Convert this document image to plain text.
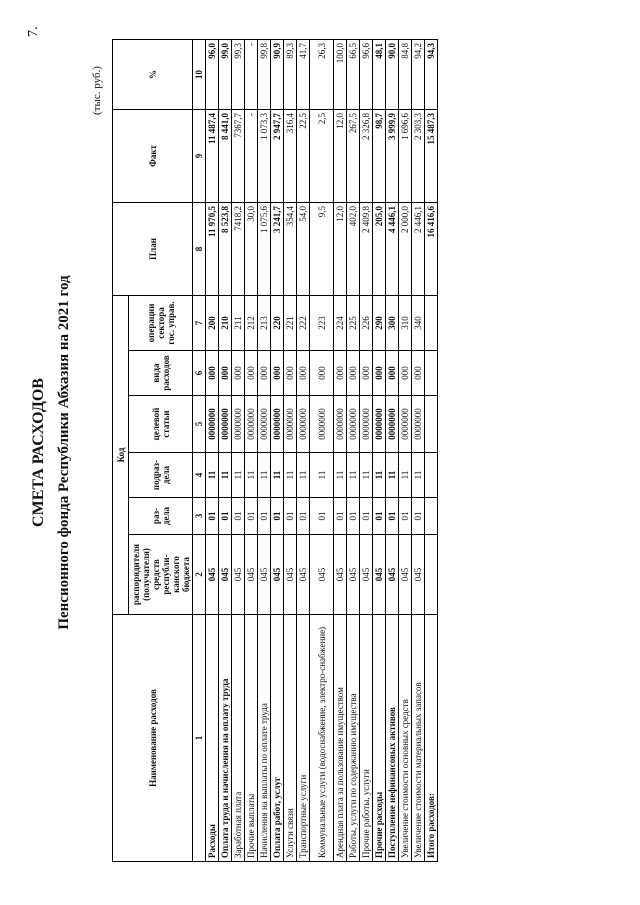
7.
СМЕТА РАСХОДОВ Пенсионного фонда Республики Абхазия на 2021 год
(тыс. руб.)
Наименование расходов	Код						План	Факт	%
	распорядителя (получателя) средств республи-канского бюджета	раз-дела	подраз-дела	целевой статьи	вида расходов	операции сектора гос. управ.			
1	2	3	4	5	6	7	8	9	10
Расходы	045	01	11	0000000	000	200	11 970,5	11 487,4	96,0
Оплата труда и начисления на оплату труда	045	01	11	0000000	000	210	8 523,8	8 441,0	99,0
Заработная плата	045	01	11	0000000	000	211	7418,2	7367,7	99,3
Прочие выплаты	045	01	11	0000000	000	212	30,0	-	-
Начисления на выплаты по оплате труда	045	01	11	0000000	000	213	1 075,6	1 073,3	99,8
Оплата работ, услуг	045	01	11	0000000	000	220	3 241,7	2 947,7	90,9
Услуги связи	045	01	11	0000000	000	221	354,4	316,4	89,3
Транспортные услуги	045	01	11	0000000	000	222	54,0	22,5	41,7
Коммунальные услуги (водоснабжение, электро-снабжение)	045	01	11	0000000	000	223	9,5	2,5	26,3
Арендная плата за пользование имуществом	045	01	11	0000000	000	224	12,0	12,0	100,0
Работы, услуги по содержанию имущества	045	01	11	0000000	000	225	402,0	267,5	66,5
Прочие работы, услуги	045	01	11	0000000	000	226	2 409,8	2 326,8	96,6
Прочие расходы	045	01	11	0000000	000	290	205,0	98,7	48,1
Поступление нефинансовых активов	045	01	11	0000000	000	300	4 446,1	3 999,9	90,0
Увеличение стоимости основных средств	045	01	11	0000000	000	310	2 000,0	1 696,6	84,8
Увеличение стоимости материальных запасов	045	01	11	0000000	000	340	2 446,1	2 303,3	94,2
Итого расходов:							16 416,6	15 487,3	94,3
